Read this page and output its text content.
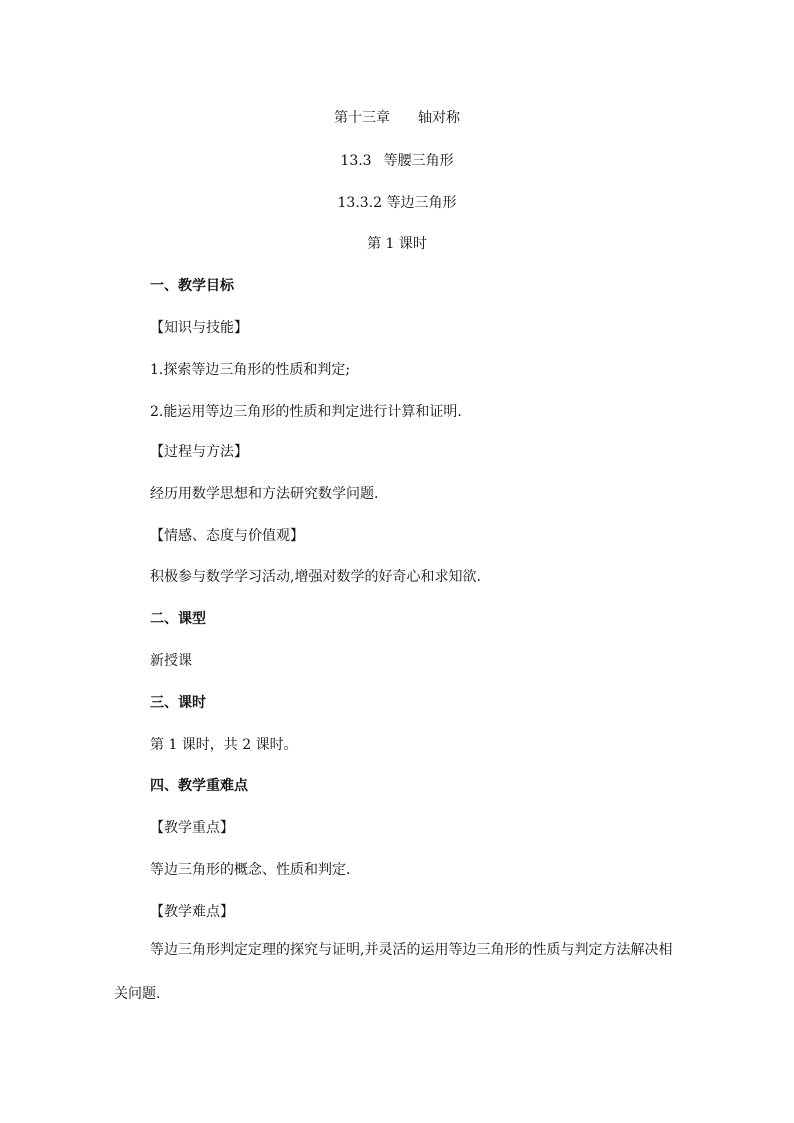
第十三章 轴对称
13.3 等腰三角形
13.3.2 等边三角形
第 1 课时
一、教学目标
【知识与技能】
1.探索等边三角形的性质和判定;
2.能运用等边三角形的性质和判定进行计算和证明.
【过程与方法】
经历用数学思想和方法研究数学问题.
【情感、态度与价值观】
积极参与数学学习活动,增强对数学的好奇心和求知欲.
二、课型
新授课
三、课时
第 1 课时，共 2 课时。
四、教学重难点
【教学重点】
等边三角形的概念、性质和判定.
【教学难点】
等边三角形判定定理的探究与证明,并灵活的运用等边三角形的性质与判定方法解决相关问题.
